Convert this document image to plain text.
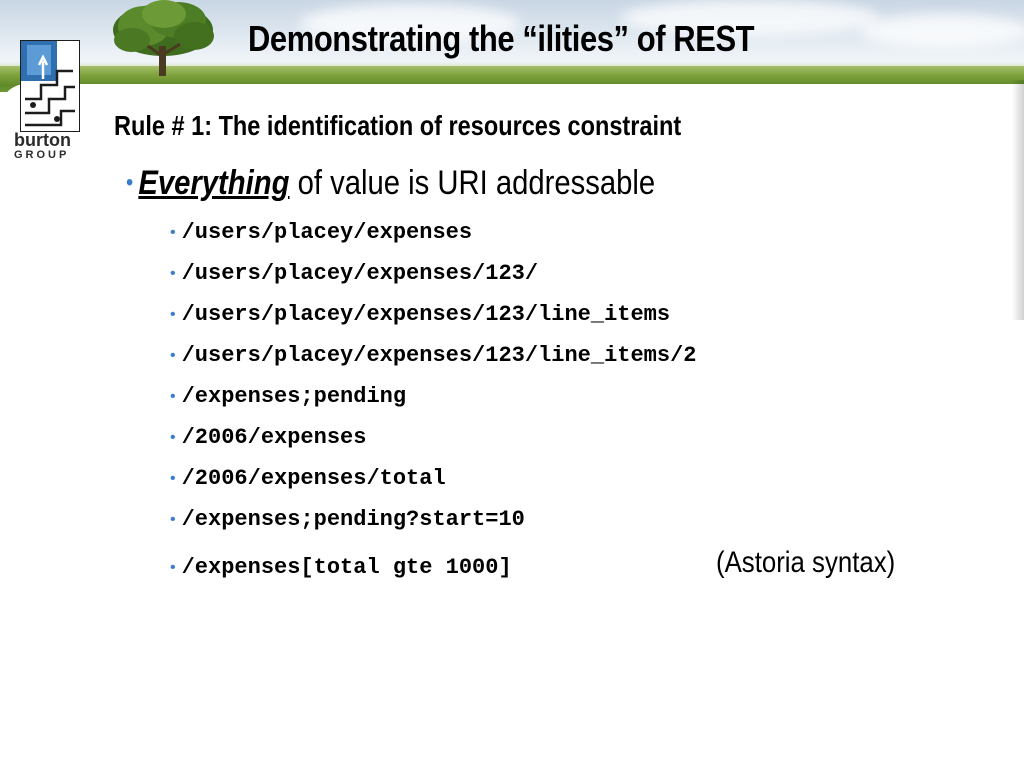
burton
GROUP
Demonstrating the “ilities” of REST
Rule # 1: The identification of resources constraint
• Everything of value is URI addressable
• /users/placey/expenses
• /users/placey/expenses/123/
• /users/placey/expenses/123/line_items
• /users/placey/expenses/123/line_items/2
• /expenses;pending
• /2006/expenses
• /2006/expenses/total
• /expenses;pending?start=10
• /expenses[total gte 1000]	(Astoria syntax)
